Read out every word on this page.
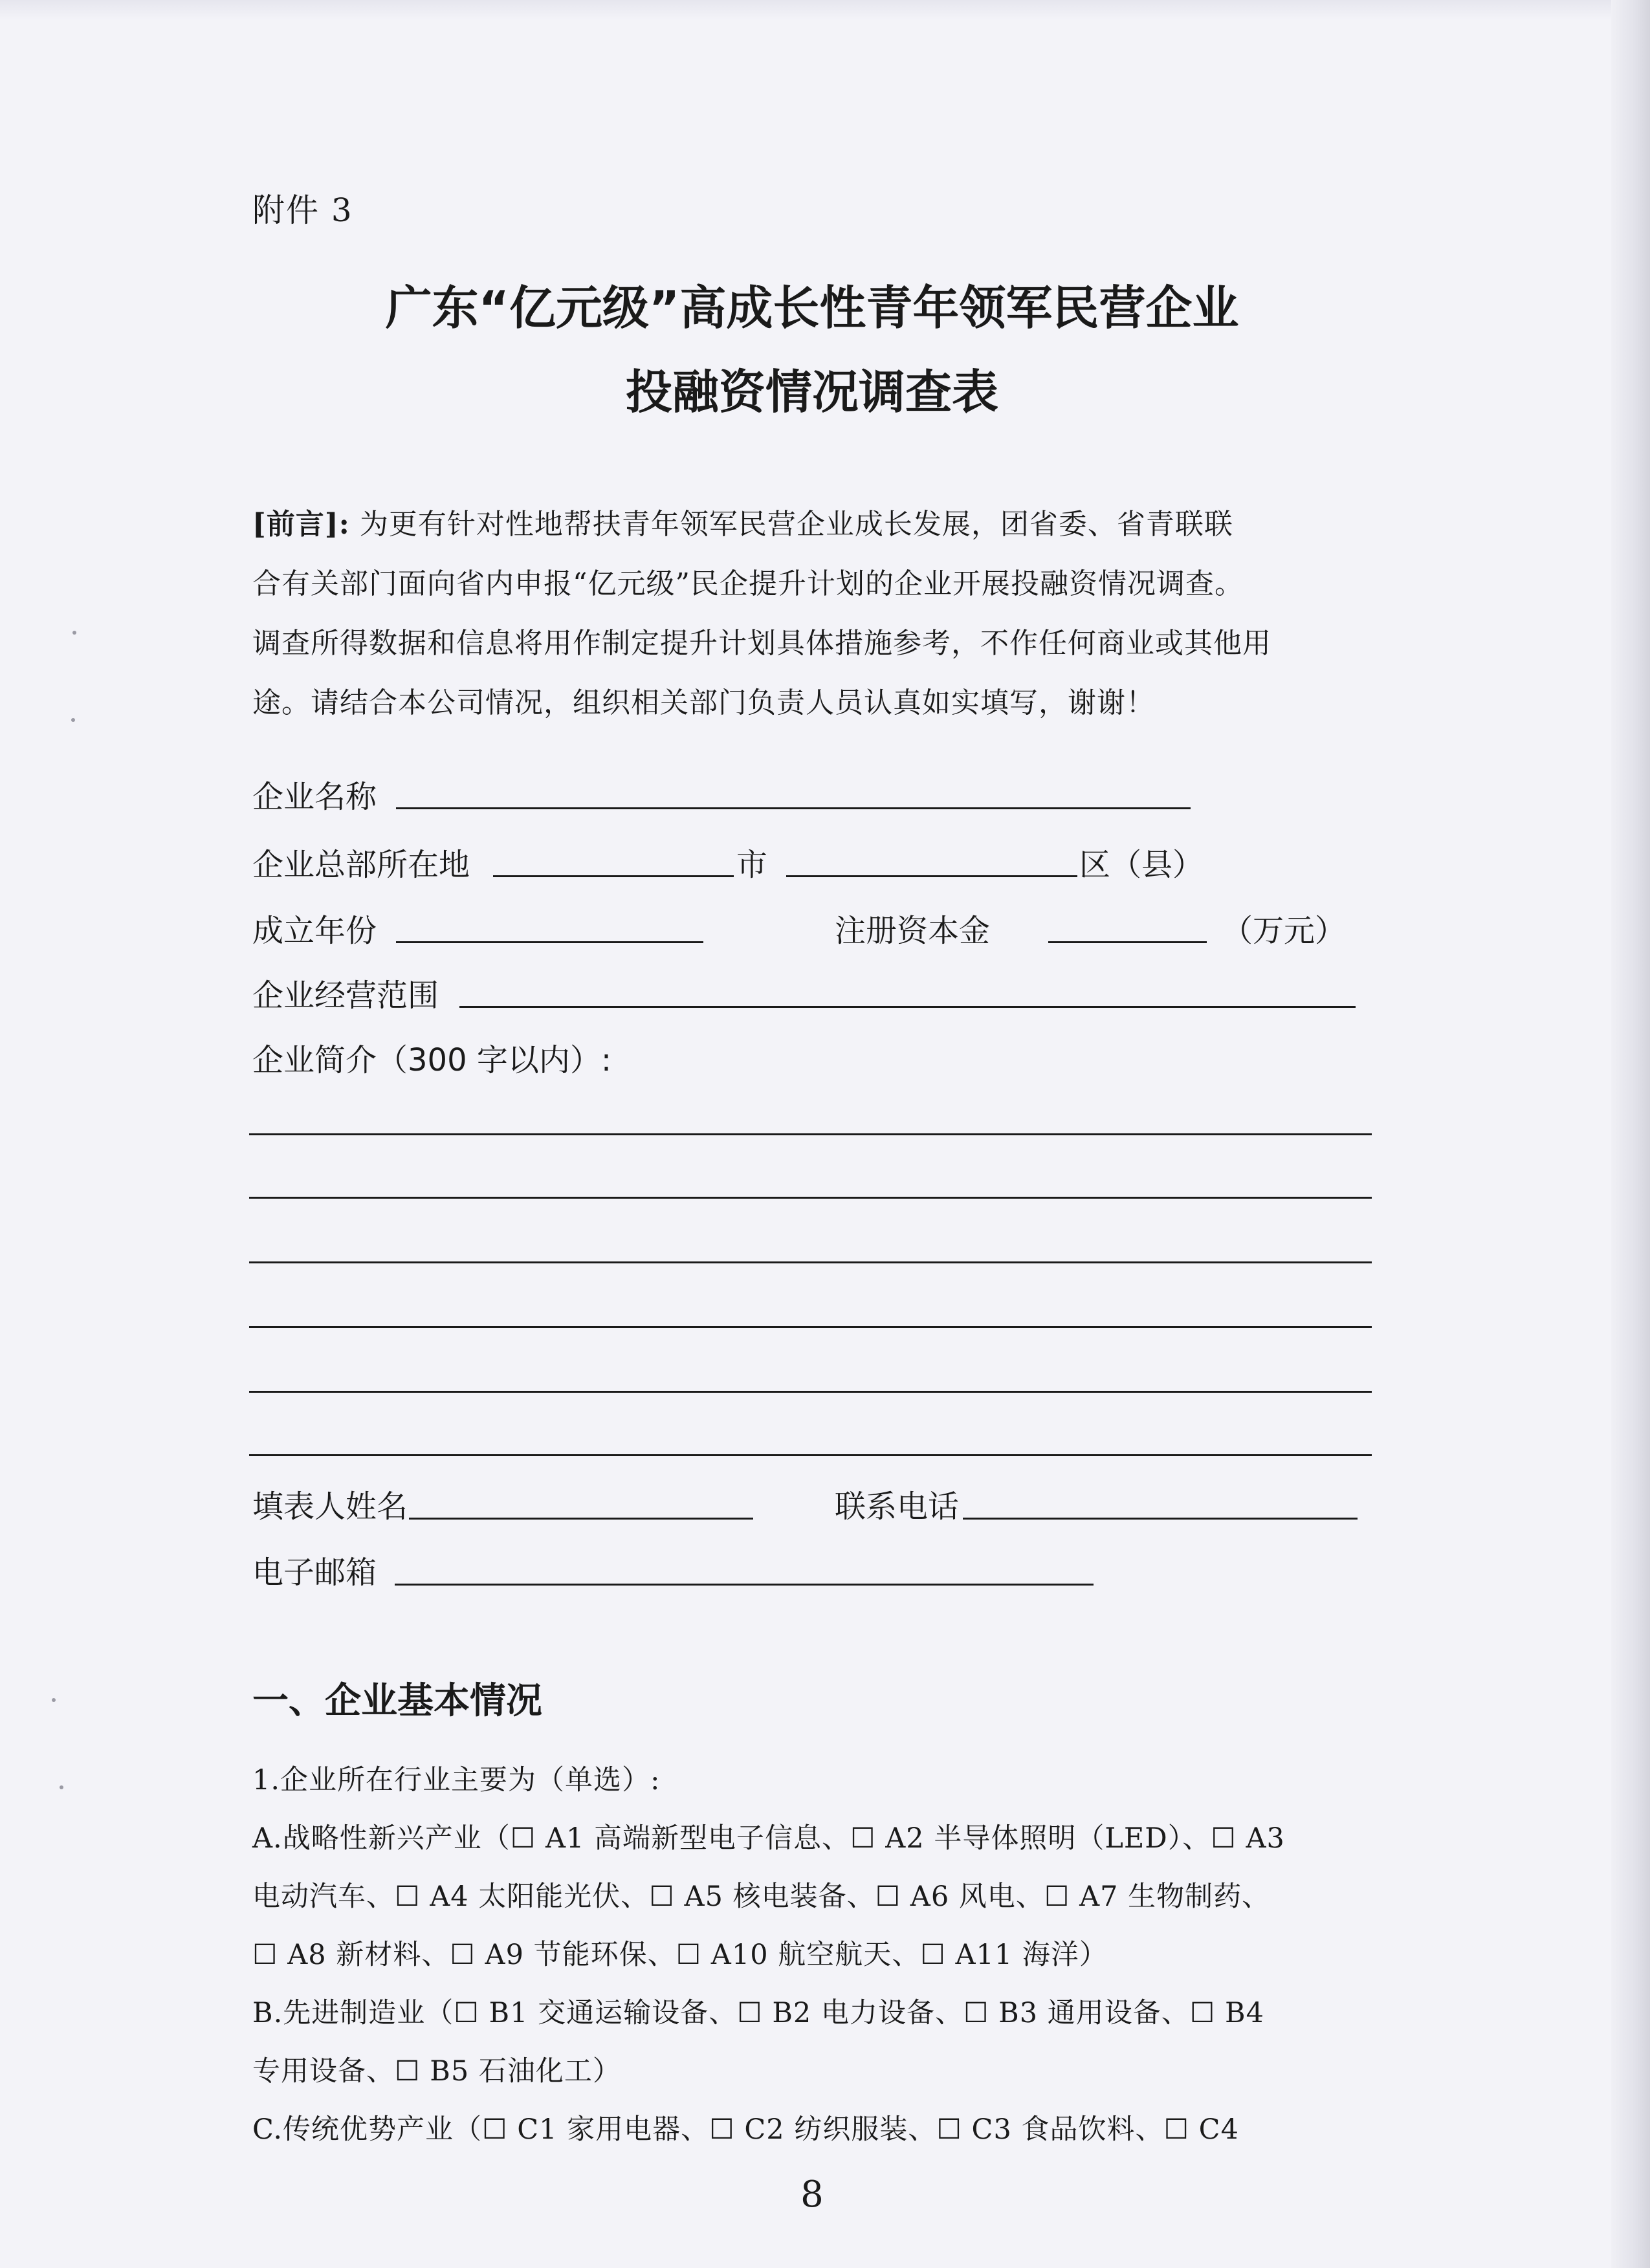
附件 3
广东“亿元级”高成长性青年领军民营企业
投融资情况调查表
[前言]: 为更有针对性地帮扶青年领军民营企业成长发展，团省委、省青联联
合有关部门面向省内申报“亿元级”民企提升计划的企业开展投融资情况调查。
调查所得数据和信息将用作制定提升计划具体措施参考，不作任何商业或其他用
途。请结合本公司情况，组织相关部门负责人员认真如实填写，谢谢！
企业名称
企业总部所在地	市	区（县）
成立年份	注册资本金	（万元）
企业经营范围
企业简介（300 字以内）:
填表人姓名	联系电话
电子邮箱
一、企业基本情况
1.企业所在行业主要为（单选）:
A.战略性新兴产业（☐ A1 高端新型电子信息、☐ A2 半导体照明（LED）、☐ A3
电动汽车、☐ A4 太阳能光伏、☐ A5 核电装备、☐ A6 风电、☐ A7 生物制药、
☐ A8 新材料、☐ A9 节能环保、☐ A10 航空航天、☐ A11 海洋）
B.先进制造业（☐ B1 交通运输设备、☐ B2 电力设备、☐ B3 通用设备、☐ B4
专用设备、☐ B5 石油化工）
C.传统优势产业（☐ C1 家用电器、☐ C2 纺织服装、☐ C3 食品饮料、☐ C4
8
